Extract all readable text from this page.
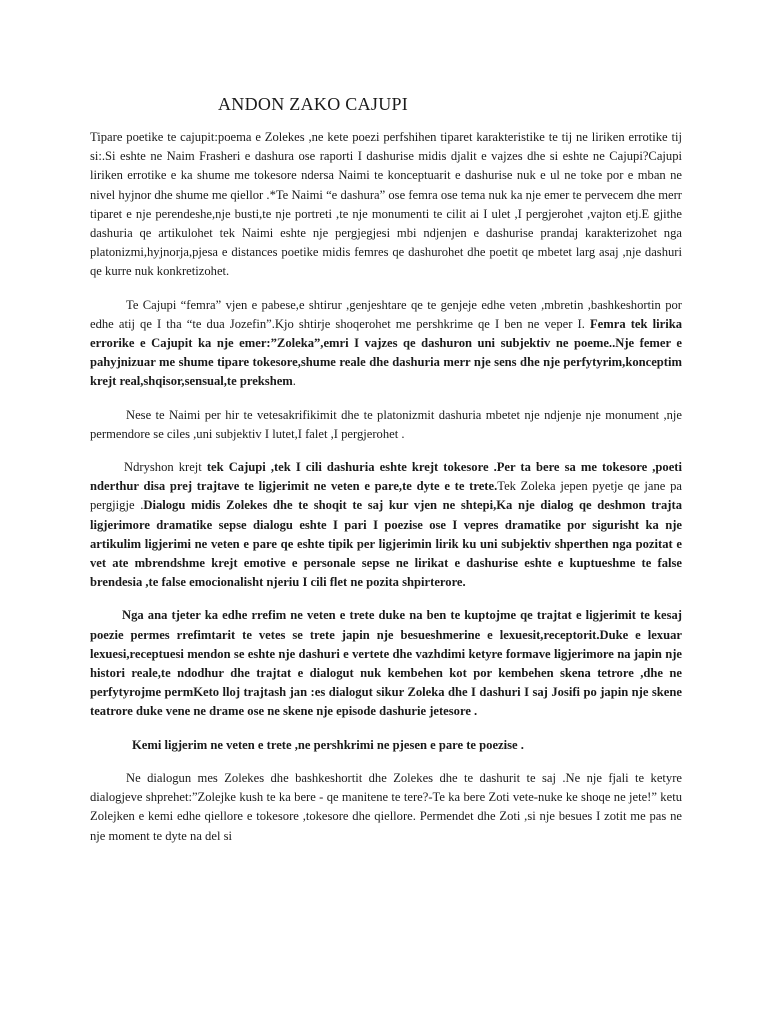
ANDON ZAKO CAJUPI

Tipare poetike te cajupit:poema e Zolekes ,ne kete poezi perfshihen tiparet karakteristike te tij ne liriken errotike tij si:.Si eshte ne Naim Frasheri e dashura ose raporti I dashurise midis djalit e vajzes dhe si eshte ne Cajupi?Cajupi liriken errotike e ka shume me tokesore ndersa Naimi te konceptuarit e dashurise nuk e ul ne toke por e mban ne nivel hyjnor dhe shume me qiellor .*Te Naimi “e dashura” ose femra ose tema nuk ka nje emer te pervecem dhe merr tiparet e nje perendeshe,nje busti,te nje portreti ,te nje monumenti te cilit ai I ulet ,I pergjerohet ,vajton etj.E gjithe dashuria qe artikulohet tek Naimi eshte nje pergjegjesi mbi ndjenjen e dashurise prandaj karakterizohet nga platonizmi,hyjnorja,pjesa e distances poetike midis femres qe dashurohet dhe poetit qe mbetet larg asaj ,nje dashuri qe kurre nuk konkretizohet.

Te Cajupi “femra” vjen e pabese,e shtirur ,genjeshtare qe te genjeje edhe veten ,mbretin ,bashkeshortin por edhe atij qe I tha “te dua Jozefin”.Kjo shtirje shoqerohet me pershkrime qe I ben ne veper I. Femra tek lirika errorike e Cajupit ka nje emer:”Zoleka”,emri I vajzes qe dashuron uni subjektiv ne poeme..Nje femer e pahyjnizuar me shume tipare tokesore,shume reale dhe dashuria merr nje sens dhe nje perfytyrim,konceptim krejt real,shqisor,sensual,te prekshem.

Nese te Naimi per hir te vetesakrifikimit dhe te platonizmit dashuria mbetet nje ndjenje nje monument ,nje permendore se ciles ,uni subjektiv I lutet,I falet ,I pergjerohet .

Ndryshon krejt tek Cajupi ,tek I cili dashuria eshte krejt tokesore .Per ta bere sa me tokesore ,poeti nderthur disa prej trajtave te ligjerimit ne veten e pare,te dyte e te trete.Tek Zoleka jepen pyetje qe jane pa pergjigje .Dialogu midis Zolekes dhe te shoqit te saj kur vjen ne shtepi,Ka nje dialog qe deshmon trajta ligjerimore dramatike sepse dialogu eshte I pari I poezise ose I vepres dramatike por sigurisht ka nje artikulim ligjerimi ne veten e pare qe eshte tipik per ligjerimin lirik ku uni subjektiv shperthen nga pozitat e vet ate mbrendshme krejt emotive e personale sepse ne lirikat e dashurise eshte e kuptueshme te false brendesia ,te false emocionalisht njeriu I cili flet ne pozita shpirterore.

Nga ana tjeter ka edhe rrefim ne veten e trete duke na ben te kuptojme qe trajtat e ligjerimit te kesaj poezie permes rrefimtarit te vetes se trete japin nje besueshmerine e lexuesit,receptorit.Duke e lexuar lexuesi,receptuesi mendon se eshte nje dashuri e vertete dhe vazhdimi ketyre formave ligjerimore na japin nje histori reale,te ndodhur dhe trajtat e dialogut nuk kembehen kot por kembehen skena tetrore ,dhe ne perfytyrojme permKeto lloj trajtash jan :es dialogut sikur Zoleka dhe I dashuri I saj Josifi po japin nje skene teatrore duke vene ne drame ose ne skene nje episode dashurie jetesore .

Kemi ligjerim ne veten e trete ,ne pershkrimi ne pjesen e pare te poezise .

Ne dialogun mes Zolekes dhe bashkeshortit dhe Zolekes dhe te dashurit te saj .Ne nje fjali te ketyre dialogjeve shprehet:”Zolejke kush te ka bere - qe manitene te tere?-Te ka bere Zoti vete-nuke ke shoqe ne jete!” ketu Zolejken e kemi edhe qiellore e tokesore ,tokesore dhe qiellore. Permendet dhe Zoti ,si nje besues I zotit me pas ne nje moment te dyte na del si
